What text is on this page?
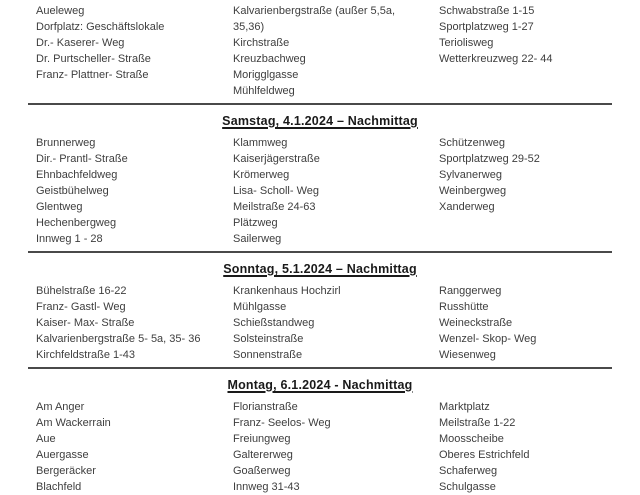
Aueleweg
Dorfplatz: Geschäftslokale
Dr.- Kaserer- Weg
Dr. Purtscheller- Straße
Franz- Plattner- Straße
Kalvarienbergstraße (außer 5,5a, 35,36)
Kirchstraße
Kreuzbachweg
Morigglgasse
Mühlfeldweg
Schwabstraße 1-15
Sportplatzweg 1-27
Teriolisweg
Wetterkreuzweg 22- 44
Samstag, 4.1.2024 – Nachmittag
Brunnerweg
Dir.- Prantl- Straße
Ehnbachfeldweg
Geistbühelweg
Glentweg
Hechenbergweg
Innweg 1 - 28
Klammweg
Kaiserjägerstraße
Krömerweg
Lisa- Scholl- Weg
Meilstraße 24-63
Plätzweg
Sailerweg
Schützenweg
Sportplatzweg 29-52
Sylvanerweg
Weinbergweg
Xanderweg
Sonntag, 5.1.2024 – Nachmittag
Bühelstraße 16-22
Franz- Gastl- Weg
Kaiser- Max- Straße
Kalvarienbergstraße 5- 5a, 35- 36
Kirchfeldstraße 1-43
Krankenhaus Hochzirl
Mühlgasse
Schießstandweg
Solsteinstraße
Sonnenstraße
Ranggerweg
Russhütte
Weineckstraße
Wenzel- Skop- Weg
Wiesenweg
Montag, 6.1.2024 - Nachmittag
Am Anger
Am Wackerrain
Aue
Auergasse
Bergeräcker
Blachfeld
Florianstraße
Franz- Seelos- Weg
Freiungweg
Galtererweg
Goaßerweg
Innweg 31-43
Marktplatz
Meilstraße 1-22
Moosscheibe
Oberes Estrichfeld
Schaferweg
Schulgasse
